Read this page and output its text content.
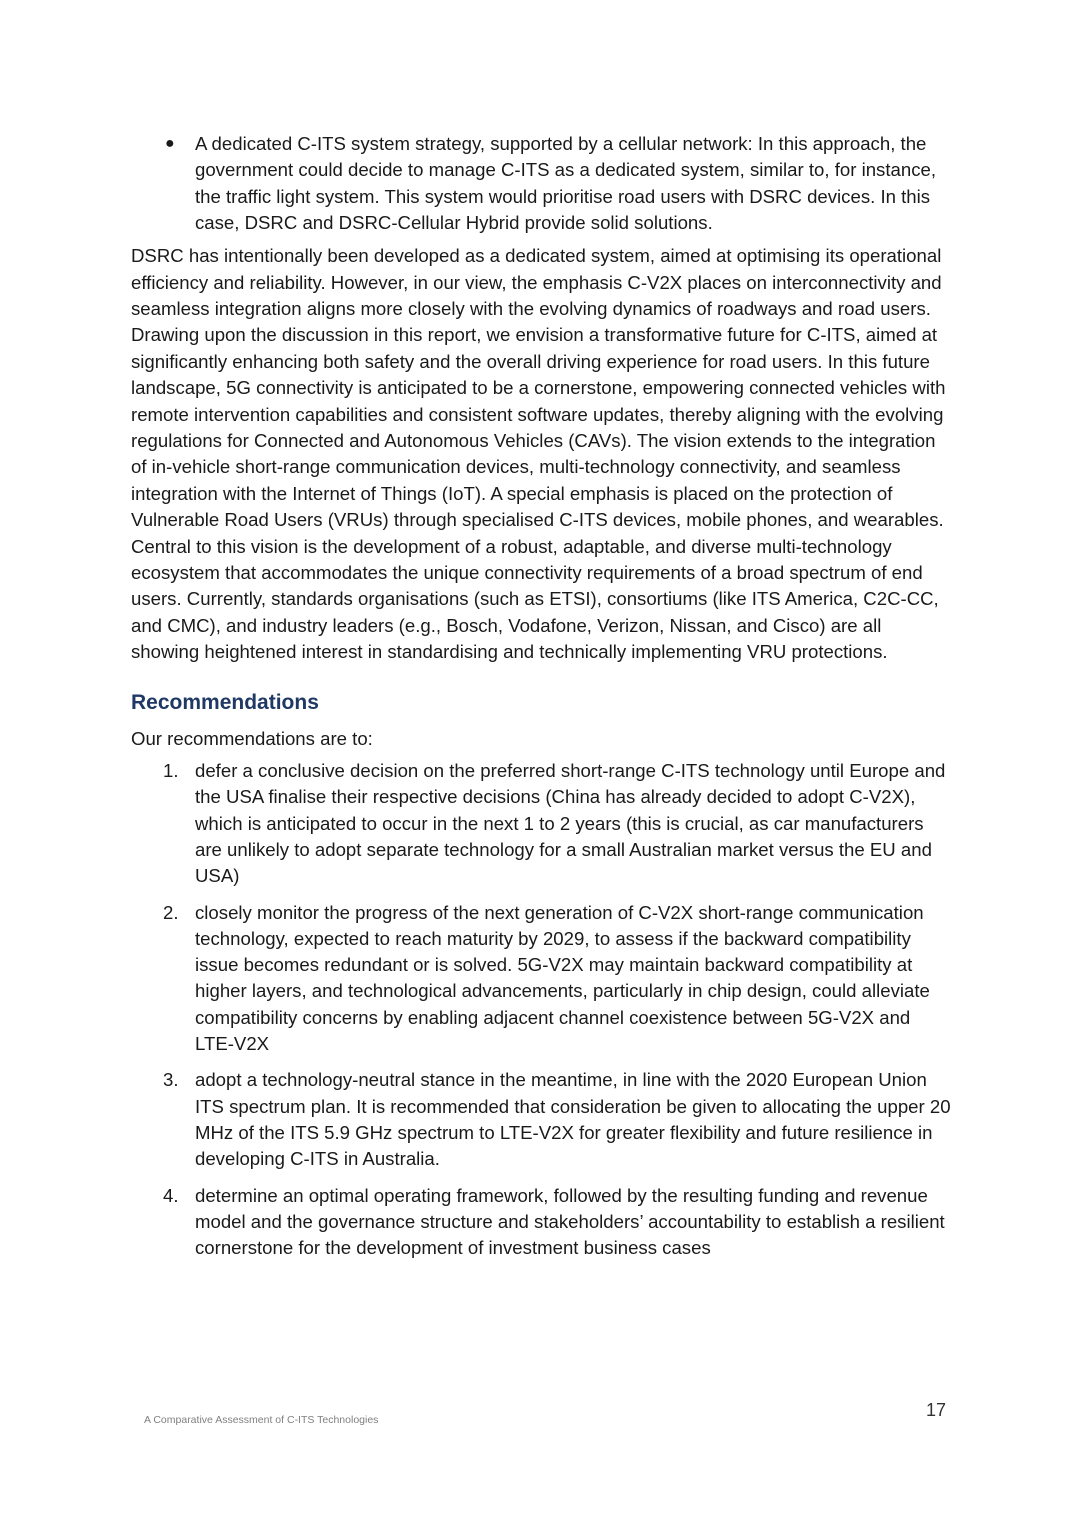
● A dedicated C-ITS system strategy, supported by a cellular network: In this approach, the government could decide to manage C-ITS as a dedicated system, similar to, for instance, the traffic light system. This system would prioritise road users with DSRC devices. In this case, DSRC and DSRC-Cellular Hybrid provide solid solutions.

DSRC has intentionally been developed as a dedicated system, aimed at optimising its operational efficiency and reliability. However, in our view, the emphasis C-V2X places on interconnectivity and seamless integration aligns more closely with the evolving dynamics of roadways and road users. Drawing upon the discussion in this report, we envision a transformative future for C-ITS, aimed at significantly enhancing both safety and the overall driving experience for road users. In this future landscape, 5G connectivity is anticipated to be a cornerstone, empowering connected vehicles with remote intervention capabilities and consistent software updates, thereby aligning with the evolving regulations for Connected and Autonomous Vehicles (CAVs). The vision extends to the integration of in-vehicle short-range communication devices, multi-technology connectivity, and seamless integration with the Internet of Things (IoT). A special emphasis is placed on the protection of Vulnerable Road Users (VRUs) through specialised C-ITS devices, mobile phones, and wearables. Central to this vision is the development of a robust, adaptable, and diverse multi-technology ecosystem that accommodates the unique connectivity requirements of a broad spectrum of end users. Currently, standards organisations (such as ETSI), consortiums (like ITS America, C2C-CC, and CMC), and industry leaders (e.g., Bosch, Vodafone, Verizon, Nissan, and Cisco) are all showing heightened interest in standardising and technically implementing VRU protections.

Recommendations

Our recommendations are to:

1. defer a conclusive decision on the preferred short-range C-ITS technology until Europe and the USA finalise their respective decisions (China has already decided to adopt C-V2X), which is anticipated to occur in the next 1 to 2 years (this is crucial, as car manufacturers are unlikely to adopt separate technology for a small Australian market versus the EU and USA)
2. closely monitor the progress of the next generation of C-V2X short-range communication technology, expected to reach maturity by 2029, to assess if the backward compatibility issue becomes redundant or is solved. 5G-V2X may maintain backward compatibility at higher layers, and technological advancements, particularly in chip design, could alleviate compatibility concerns by enabling adjacent channel coexistence between 5G-V2X and LTE-V2X
3. adopt a technology-neutral stance in the meantime, in line with the 2020 European Union ITS spectrum plan. It is recommended that consideration be given to allocating the upper 20 MHz of the ITS 5.9 GHz spectrum to LTE-V2X for greater flexibility and future resilience in developing C-ITS in Australia.
4. determine an optimal operating framework, followed by the resulting funding and revenue model and the governance structure and stakeholders’ accountability to establish a resilient cornerstone for the development of investment business cases
A Comparative Assessment of C-ITS Technologies	17
